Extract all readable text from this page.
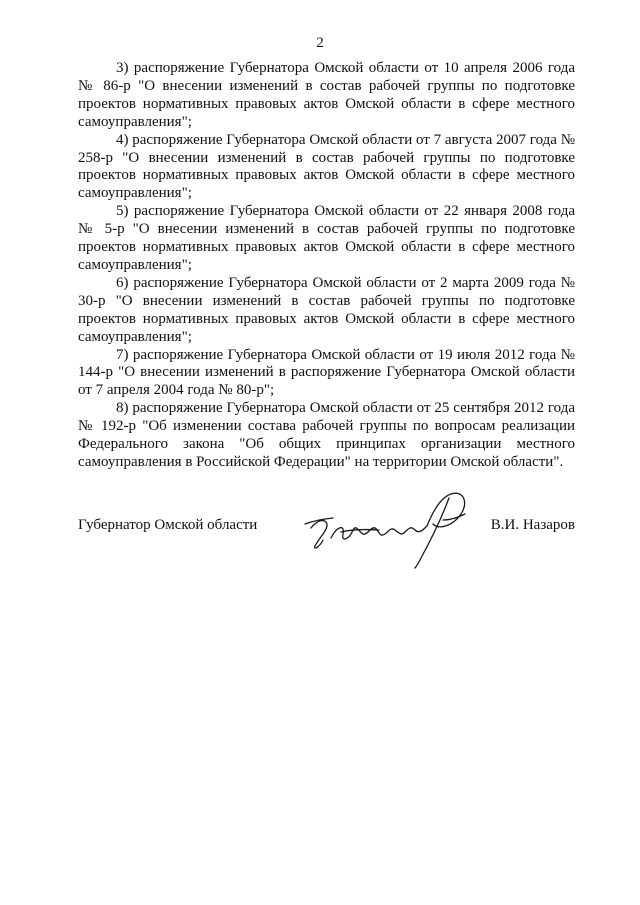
2

3) распоряжение Губернатора Омской области от 10 апреля 2006 года № 86-р "О внесении изменений в состав рабочей группы по подготовке проектов нормативных правовых актов Омской области в сфере местного самоуправления";

4) распоряжение Губернатора Омской области от 7 августа 2007 года № 258-р "О внесении изменений в состав рабочей группы по подготовке проектов нормативных правовых актов Омской области в сфере местного самоуправления";

5) распоряжение Губернатора Омской области от 22 января 2008 года № 5-р "О внесении изменений в состав рабочей группы по подготовке проектов нормативных правовых актов Омской области в сфере местного самоуправления";

6) распоряжение Губернатора Омской области от 2 марта 2009 года № 30-р "О внесении изменений в состав рабочей группы по подготовке проектов нормативных правовых актов Омской области в сфере местного самоуправления";

7) распоряжение Губернатора Омской области от 19 июля 2012 года № 144-р "О внесении изменений в распоряжение Губернатора Омской области от 7 апреля 2004 года № 80-р";

8) распоряжение Губернатора Омской области от 25 сентября 2012 года № 192-р "Об изменении состава рабочей группы по вопросам реализации Федерального закона "Об общих принципах организации местного самоуправления в Российской Федерации" на территории Омской области".

Губернатор Омской области	В.И. Назаров
